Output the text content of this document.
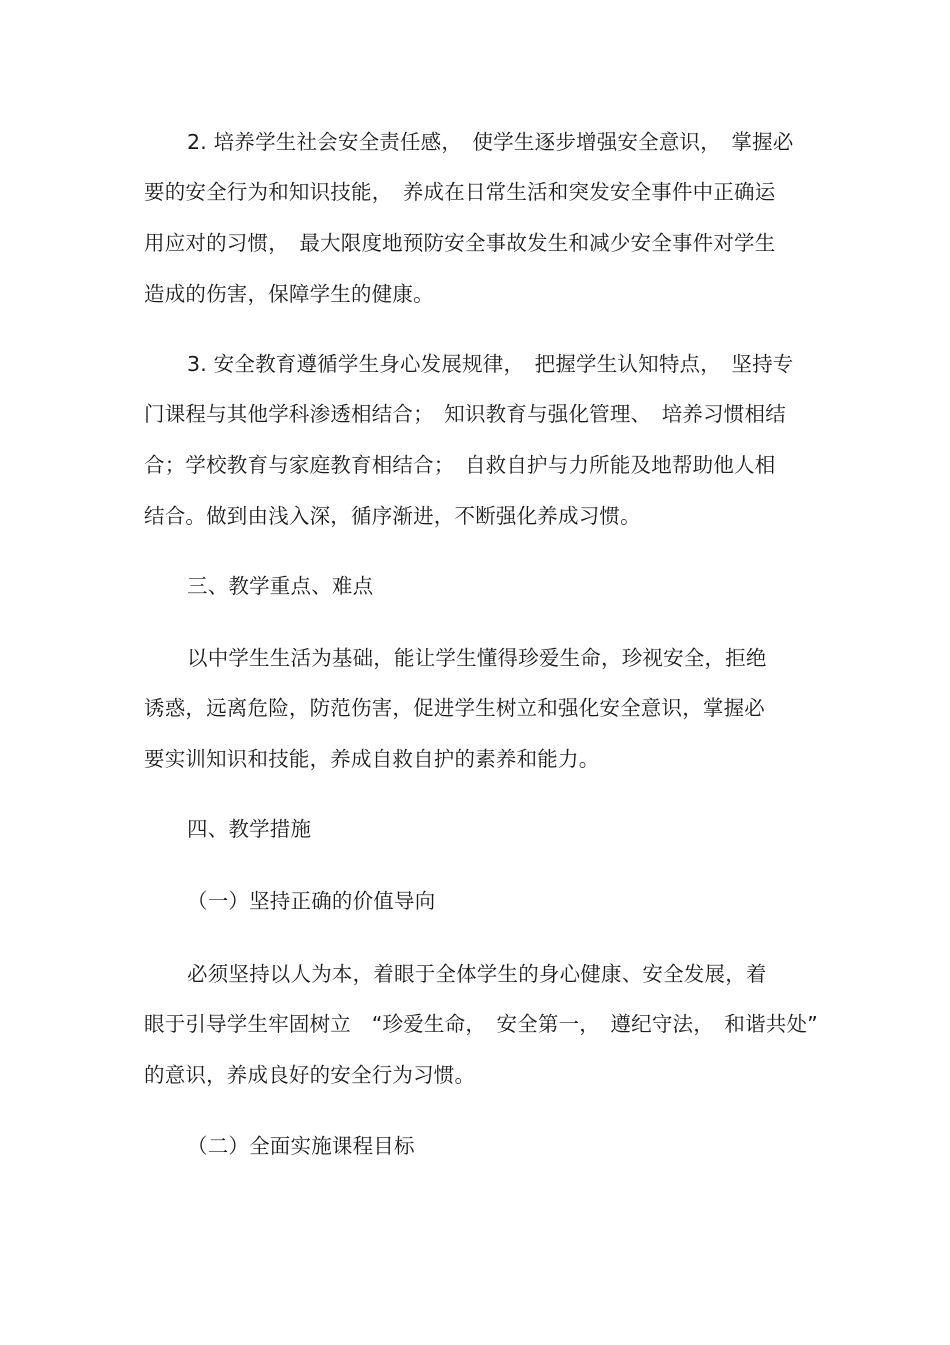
2. 培养学生社会安全责任感，　使学生逐步增强安全意识，　掌握必
要的安全行为和知识技能，　养成在日常生活和突发安全事件中正确运
用应对的习惯，　最大限度地预防安全事故发生和减少安全事件对学生
造成的伤害，保障学生的健康。
3. 安全教育遵循学生身心发展规律，　把握学生认知特点，　坚持专
门课程与其他学科渗透相结合；　知识教育与强化管理、　培养习惯相结
合；学校教育与家庭教育相结合；　自救自护与力所能及地帮助他人相
结合。做到由浅入深，循序渐进，不断强化养成习惯。
三、教学重点、难点
以中学生生活为基础，能让学生懂得珍爱生命，珍视安全，拒绝
诱惑，远离危险，防范伤害，促进学生树立和强化安全意识，掌握必
要实训知识和技能，养成自救自护的素养和能力。
四、教学措施
（一）坚持正确的价值导向
必须坚持以人为本，着眼于全体学生的身心健康、安全发展，着
眼于引导学生牢固树立　“珍爱生命，　安全第一，　遵纪守法，　和谐共处”
的意识，养成良好的安全行为习惯。
（二）全面实施课程目标
